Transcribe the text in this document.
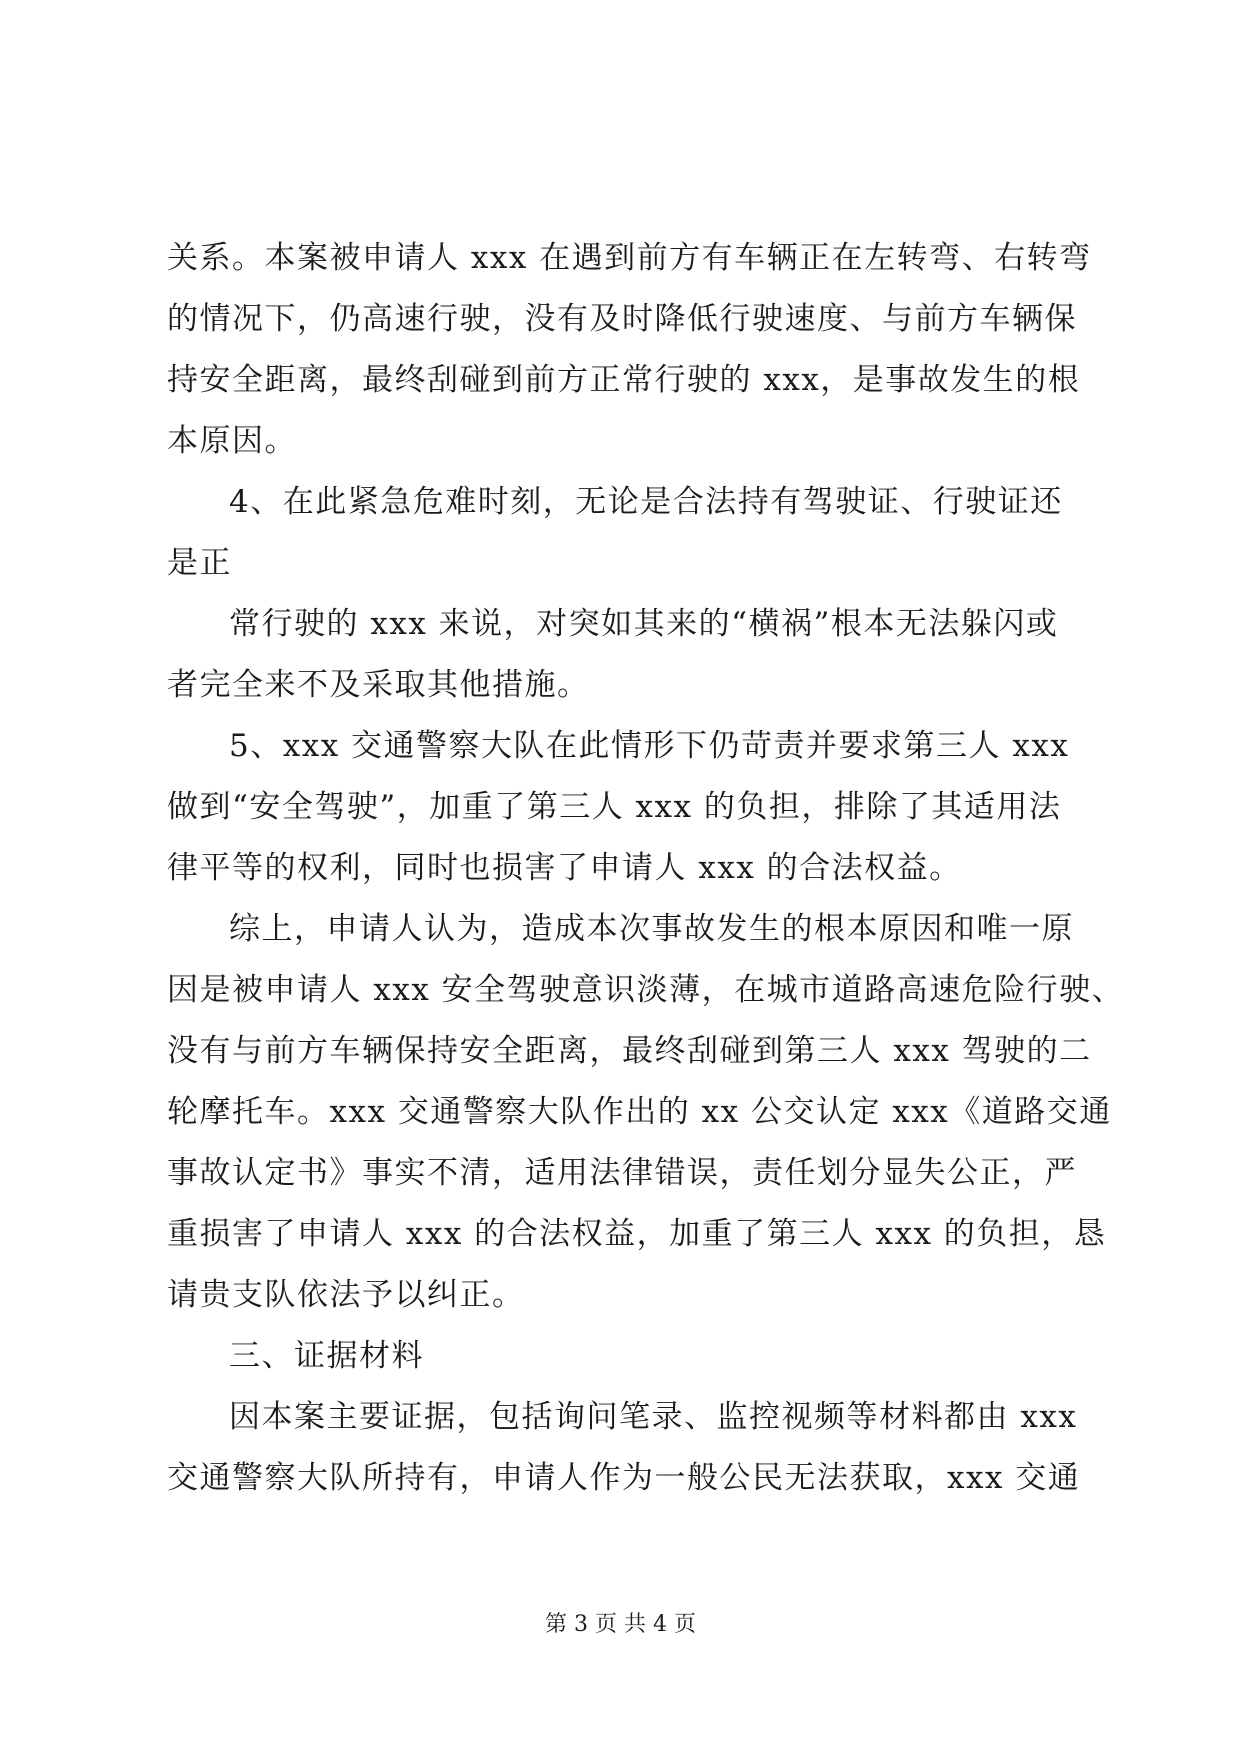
关系。本案被申请人 xxx 在遇到前方有车辆正在左转弯、右转弯
的情况下，仍高速行驶，没有及时降低行驶速度、与前方车辆保
持安全距离，最终刮碰到前方正常行驶的 xxx，是事故发生的根
本原因。
4、在此紧急危难时刻，无论是合法持有驾驶证、行驶证还
是正
常行驶的 xxx 来说，对突如其来的“横祸”根本无法躲闪或
者完全来不及采取其他措施。
5、xxx 交通警察大队在此情形下仍苛责并要求第三人 xxx
做到“安全驾驶”，加重了第三人 xxx 的负担，排除了其适用法
律平等的权利，同时也损害了申请人 xxx 的合法权益。
综上，申请人认为，造成本次事故发生的根本原因和唯一原
因是被申请人 xxx 安全驾驶意识淡薄，在城市道路高速危险行驶、
没有与前方车辆保持安全距离，最终刮碰到第三人 xxx 驾驶的二
轮摩托车。xxx 交通警察大队作出的 xx 公交认定 xxx《道路交通
事故认定书》事实不清，适用法律错误，责任划分显失公正，严
重损害了申请人 xxx 的合法权益，加重了第三人 xxx 的负担，恳
请贵支队依法予以纠正。
三、证据材料
因本案主要证据，包括询问笔录、监控视频等材料都由 xxx
交通警察大队所持有，申请人作为一般公民无法获取，xxx 交通
第 3 页 共 4 页
